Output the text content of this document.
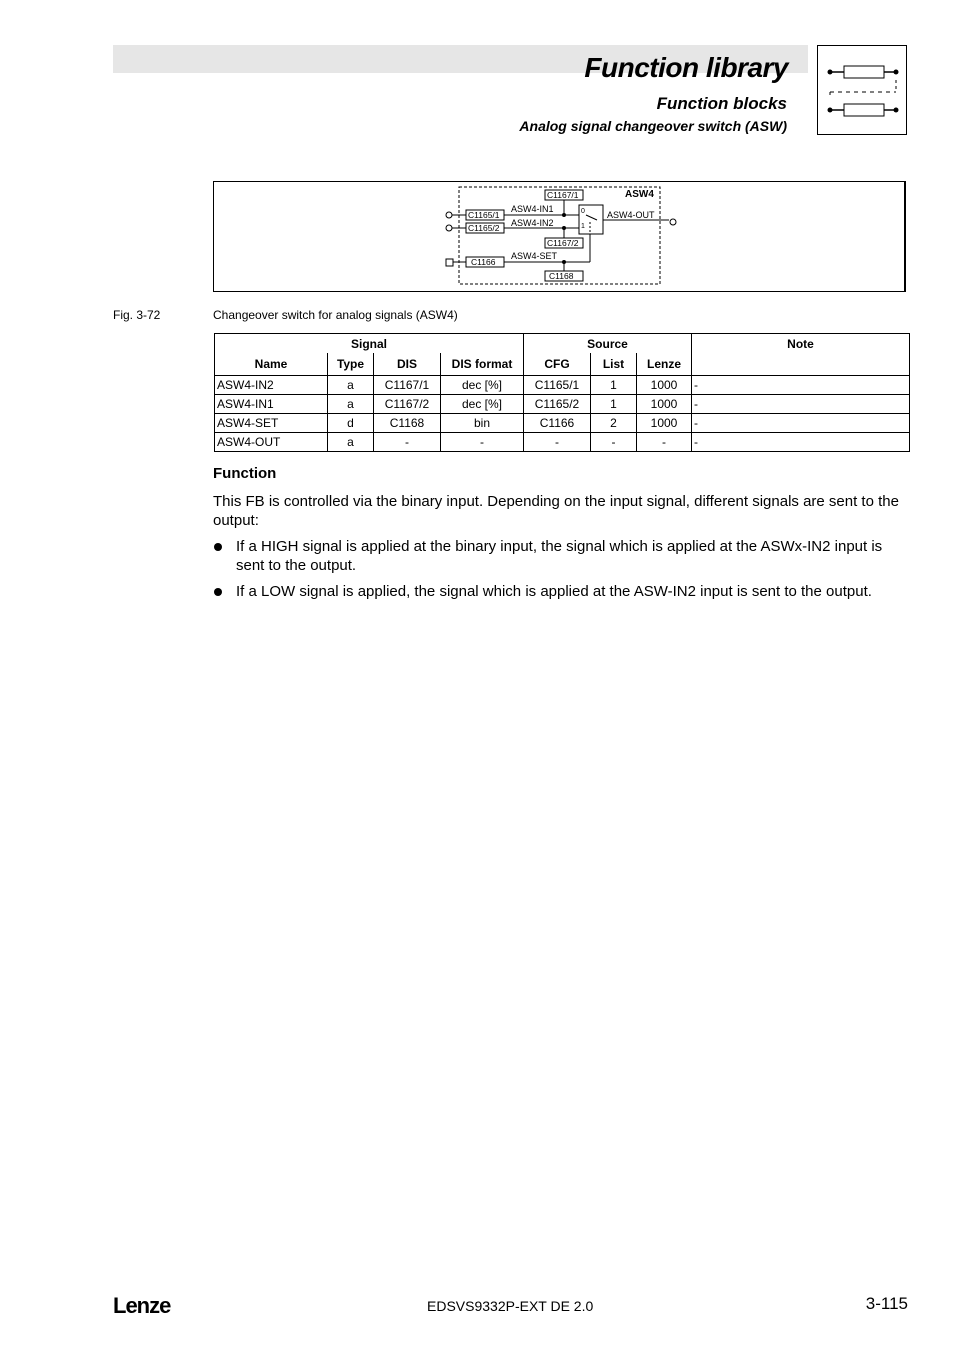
Function library
Function blocks
Analog signal changeover switch (ASW)
ASW4
C1165/1
ASW4-IN1
C1165/2 ASW4-IN2
C1166
ASW4-SET
C1167/1
C1167/2
C1168
0
1
ASW4-OUT
Fig. 3-72	Changeover switch for analog signals (ASW4)
Signal				Source			Note
Name	Type	DIS	DIS format	CFG	List	Lenze	
ASW4-IN2	a	C1167/1	dec [%]	C1165/1	1	1000	-
ASW4-IN1	a	C1167/2	dec [%]	C1165/2	1	1000	-
ASW4-SET	d	C1168	bin	C1166	2	1000	-
ASW4-OUT	a	-	-	-	-	-	-
Function
This FB is controlled via the binary input. Depending on the input signal, different signals are sent to the output:
If a HIGH signal is applied at the binary input, the signal which is applied at the ASWx-IN2 input is sent to the output.
If a LOW signal is applied, the signal which is applied at the ASW-IN2 input is sent to the output.
Lenze	EDSVS9332P-EXT DE 2.0	3-115
